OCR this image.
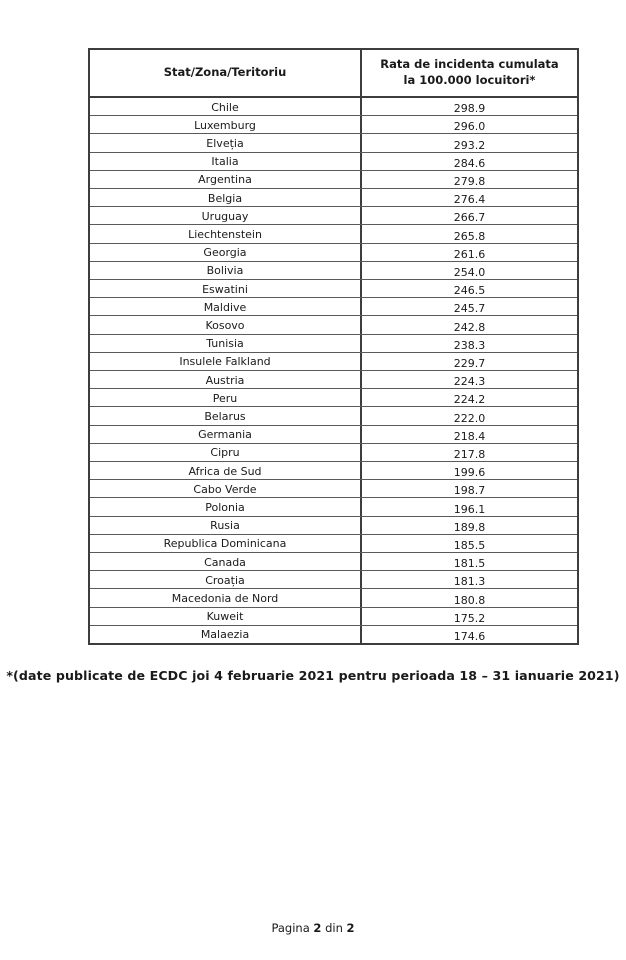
Stat/Zona/Teritoriu
Rata de incidenta cumulata la 100.000 locuitori*
Chile	298.9
Luxemburg	296.0
Elveția	293.2
Italia	284.6
Argentina	279.8
Belgia	276.4
Uruguay	266.7
Liechtenstein	265.8
Georgia	261.6
Bolivia	254.0
Eswatini	246.5
Maldive	245.7
Kosovo	242.8
Tunisia	238.3
Insulele Falkland	229.7
Austria	224.3
Peru	224.2
Belarus	222.0
Germania	218.4
Cipru	217.8
Africa de Sud	199.6
Cabo Verde	198.7
Polonia	196.1
Rusia	189.8
Republica Dominicana	185.5
Canada	181.5
Croația	181.3
Macedonia de Nord	180.8
Kuweit	175.2
Malaezia	174.6
*(date publicate de ECDC joi 4 februarie 2021 pentru perioada 18 – 31 ianuarie 2021)
Pagina 2 din 2
